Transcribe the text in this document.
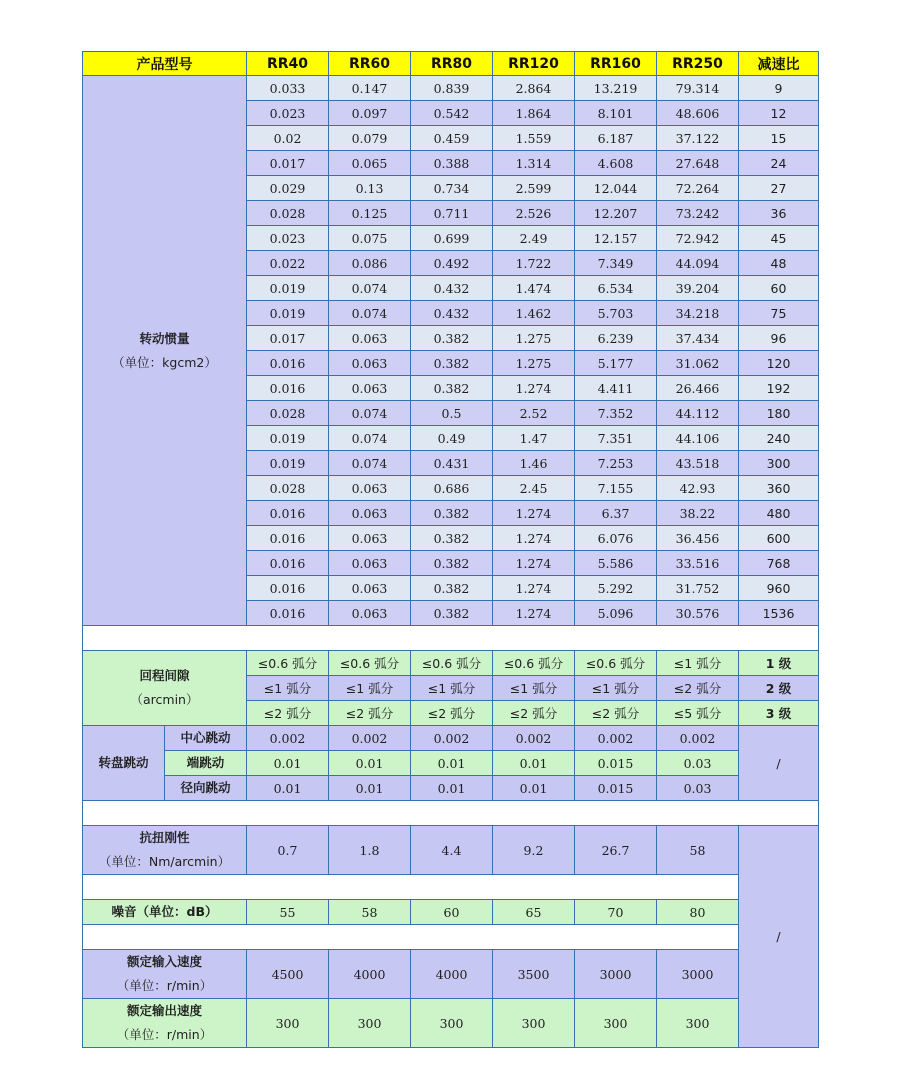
产品型号		RR40	RR60	RR80	RR120	RR160	RR250	减速比

转动惯量
（单位：kgcm2）		0.033	0.147	0.839	2.864	13.219	79.314	9
		0.023	0.097	0.542	1.864	8.101	48.606	12
		0.02	0.079	0.459	1.559	6.187	37.122	15
		0.017	0.065	0.388	1.314	4.608	27.648	24
		0.029	0.13	0.734	2.599	12.044	72.264	27
		0.028	0.125	0.711	2.526	12.207	73.242	36
		0.023	0.075	0.699	2.49	12.157	72.942	45
		0.022	0.086	0.492	1.722	7.349	44.094	48
		0.019	0.074	0.432	1.474	6.534	39.204	60
		0.019	0.074	0.432	1.462	5.703	34.218	75
		0.017	0.063	0.382	1.275	6.239	37.434	96
		0.016	0.063	0.382	1.275	5.177	31.062	120
		0.016	0.063	0.382	1.274	4.411	26.466	192
		0.028	0.074	0.5	2.52	7.352	44.112	180
		0.019	0.074	0.49	1.47	7.351	44.106	240
		0.019	0.074	0.431	1.46	7.253	43.518	300
		0.028	0.063	0.686	2.45	7.155	42.93	360
		0.016	0.063	0.382	1.274	6.37	38.22	480
		0.016	0.063	0.382	1.274	6.076	36.456	600
		0.016	0.063	0.382	1.274	5.586	33.516	768
		0.016	0.063	0.382	1.274	5.292	31.752	960
		0.016	0.063	0.382	1.274	5.096	30.576	1536

回程间隙
（arcmin）		≤0.6 弧分	≤0.6 弧分	≤0.6 弧分	≤0.6 弧分	≤0.6 弧分	≤1 弧分	1 级
		≤1 弧分	≤1 弧分	≤1 弧分	≤1 弧分	≤1 弧分	≤2 弧分	2 级
		≤2 弧分	≤2 弧分	≤2 弧分	≤2 弧分	≤2 弧分	≤5 弧分	3 级

转盘跳动	中心跳动	0.002	0.002	0.002	0.002	0.002	0.002	/

	端跳动	0.01	0.01	0.01	0.01	0.015	0.03	

	径向跳动	0.01	0.01	0.01	0.01	0.015	0.03	

抗扭刚性
（单位：Nm/arcmin）		0.7	1.8	4.4	9.2	26.7	58	/

噪音（单位：dB）		55	58	60	65	70	80	

额定输入速度
（单位：r/min）		4500	4000	4000	3500	3000	3000	

额定输出速度
（单位：r/min）		300	300	300	300	300	300	
